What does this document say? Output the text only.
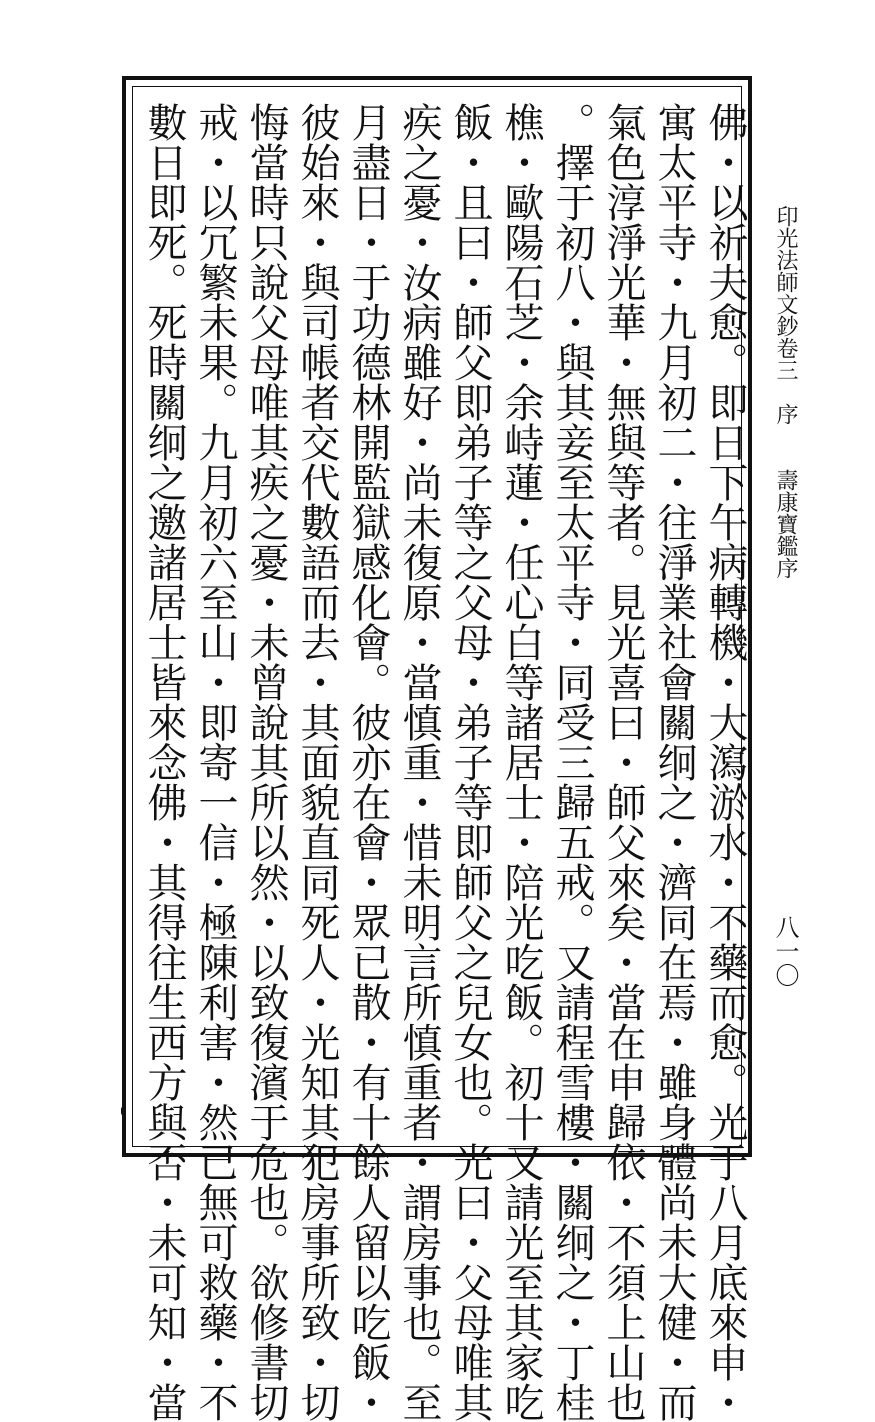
印光法師文鈔卷三　序　　壽康寶鑑序
八一〇
佛・以祈夫愈。即日下午病轉機・大瀉淤水・不藥而愈。光于八月底來申・
寓太平寺・九月初二・往淨業社會關䌹之・濟同在焉・雖身體尚未大健・而
氣色淳淨光華・無與等者。見光喜曰・師父來矣・當在申歸依・不須上山也
。擇于初八・與其妾至太平寺・同受三歸五戒。又請程雪樓・關䌹之・丁桂
樵・歐陽石芝・余峙蓮・任心白等諸居士・陪光吃飯。初十又請光至其家吃
飯・且曰・師父即弟子等之父母・弟子等即師父之兒女也。光曰・父母唯其
疾之憂・汝病雖好・尚未復原・當慎重・惜未明言所慎重者・謂房事也。至
月盡日・于功德林開監獄感化會。彼亦在會・眾已散・有十餘人留以吃飯・
彼始來・與司帳者交代數語而去・其面貌直同死人・光知其犯房事所致・切
悔當時只說父母唯其疾之憂・未曾說其所以然・以致復濱于危也。欲修書切
戒・以冗繁未果。九月初六至山・即寄一信・極陳利害・然已無可救藥・不
數日即死。死時關䌹之邀諸居士皆來念佛・其得往生西方與否・未可知・當
